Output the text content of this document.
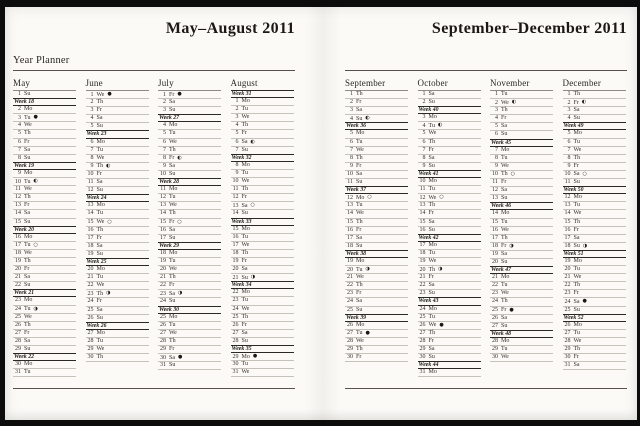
May–August 2011
Year Planner
May
1 Su
Week 18
2 Mo
3 Tu ●
4 We
5 Th
6 Fr
7 Sa
8 Su
Week 19
9 Mo
10 Tu ◐
11 We
12 Th
13 Fr
14 Sa
15 Su
Week 20
16 Mo
17 Tu ○
18 We
19 Th
20 Fr
21 Sa
22 Su
Week 21
23 Mo
24 Tu ◑
25 We
26 Th
27 Fr
28 Sa
29 Su
Week 22
30 Mo
31 Tu
June
1 We ●
2 Th
3 Fr
4 Sa
5 Su
Week 23
6 Mo
7 Tu
8 We
9 Th ◐
10 Fr
11 Sa
12 Su
Week 24
13 Mo
14 Tu
15 We ○
16 Th
17 Fr
18 Sa
19 Su
Week 25
20 Mo
21 Tu
22 We
23 Th ◑
24 Fr
25 Sa
26 Su
Week 26
27 Mo
28 Tu
29 We
30 Th
July
1 Fr ●
2 Sa
3 Su
Week 27
4 Mo
5 Tu
6 We
7 Th
8 Fr ◐
9 Sa
10 Su
Week 28
11 Mo
12 Tu
13 We
14 Th
15 Fr ○
16 Sa
17 Su
Week 29
18 Mo
19 Tu
20 We
21 Th
22 Fr
23 Sa ◑
24 Su
Week 30
25 Mo
26 Tu
27 We
28 Th
29 Fr
30 Sa ●
31 Su
August
Week 31
1 Mo
2 Tu
3 We
4 Th
5 Fr
6 Sa ◐
7 Su
Week 32
8 Mo
9 Tu
10 We
11 Th
12 Fr
13 Sa ○
14 Su
Week 33
15 Mo
16 Tu
17 We
18 Th
19 Fr
20 Sa
21 Su ◑
Week 34
22 Mo
23 Tu
24 We
25 Th
26 Fr
27 Sa
28 Su
Week 35
29 Mo ●
30 Tu
31 We
September–December 2011
September
1 Th
2 Fr
3 Sa
4 Su ◐
Week 36
5 Mo
6 Tu
7 We
8 Th
9 Fr
10 Sa
11 Su
Week 37
12 Mo ○
13 Tu
14 We
15 Th
16 Fr
17 Sa
18 Su
Week 38
19 Mo
20 Tu ◑
21 We
22 Th
23 Fr
24 Sa
25 Su
Week 39
26 Mo
27 Tu ●
28 We
29 Th
30 Fr
October
1 Sa
2 Su
Week 40
3 Mo
4 Tu ◐
5 We
6 Th
7 Fr
8 Sa
9 Su
Week 41
10 Mo
11 Tu
12 We ○
13 Th
14 Fr
15 Sa
16 Su
Week 42
17 Mo
18 Tu
19 We
20 Th ◑
21 Fr
22 Sa
23 Su
Week 43
24 Mo
25 Tu
26 We ●
27 Th
28 Fr
29 Sa
30 Su
Week 44
31 Mo
November
1 Tu
2 We ◐
3 Th
4 Fr
5 Sa
6 Su
Week 45
7 Mo
8 Tu
9 We
10 Th ○
11 Fr
12 Sa
13 Su
Week 46
14 Mo
15 Tu
16 We
17 Th
18 Fr ◑
19 Sa
20 Su
Week 47
21 Mo
22 Tu
23 We
24 Th
25 Fr ●
26 Sa
27 Su
Week 48
28 Mo
29 Tu
30 We
December
1 Th
2 Fr ◐
3 Sa
4 Su
Week 49
5 Mo
6 Tu
7 We
8 Th
9 Fr
10 Sa ○
11 Su
Week 50
12 Mo
13 Tu
14 We
15 Th
16 Fr
17 Sa
18 Su ◑
Week 51
19 Mo
20 Tu
21 We
22 Th
23 Fr
24 Sa ●
25 Su
Week 52
26 Mo
27 Tu
28 We
29 Th
30 Fr
31 Sa
